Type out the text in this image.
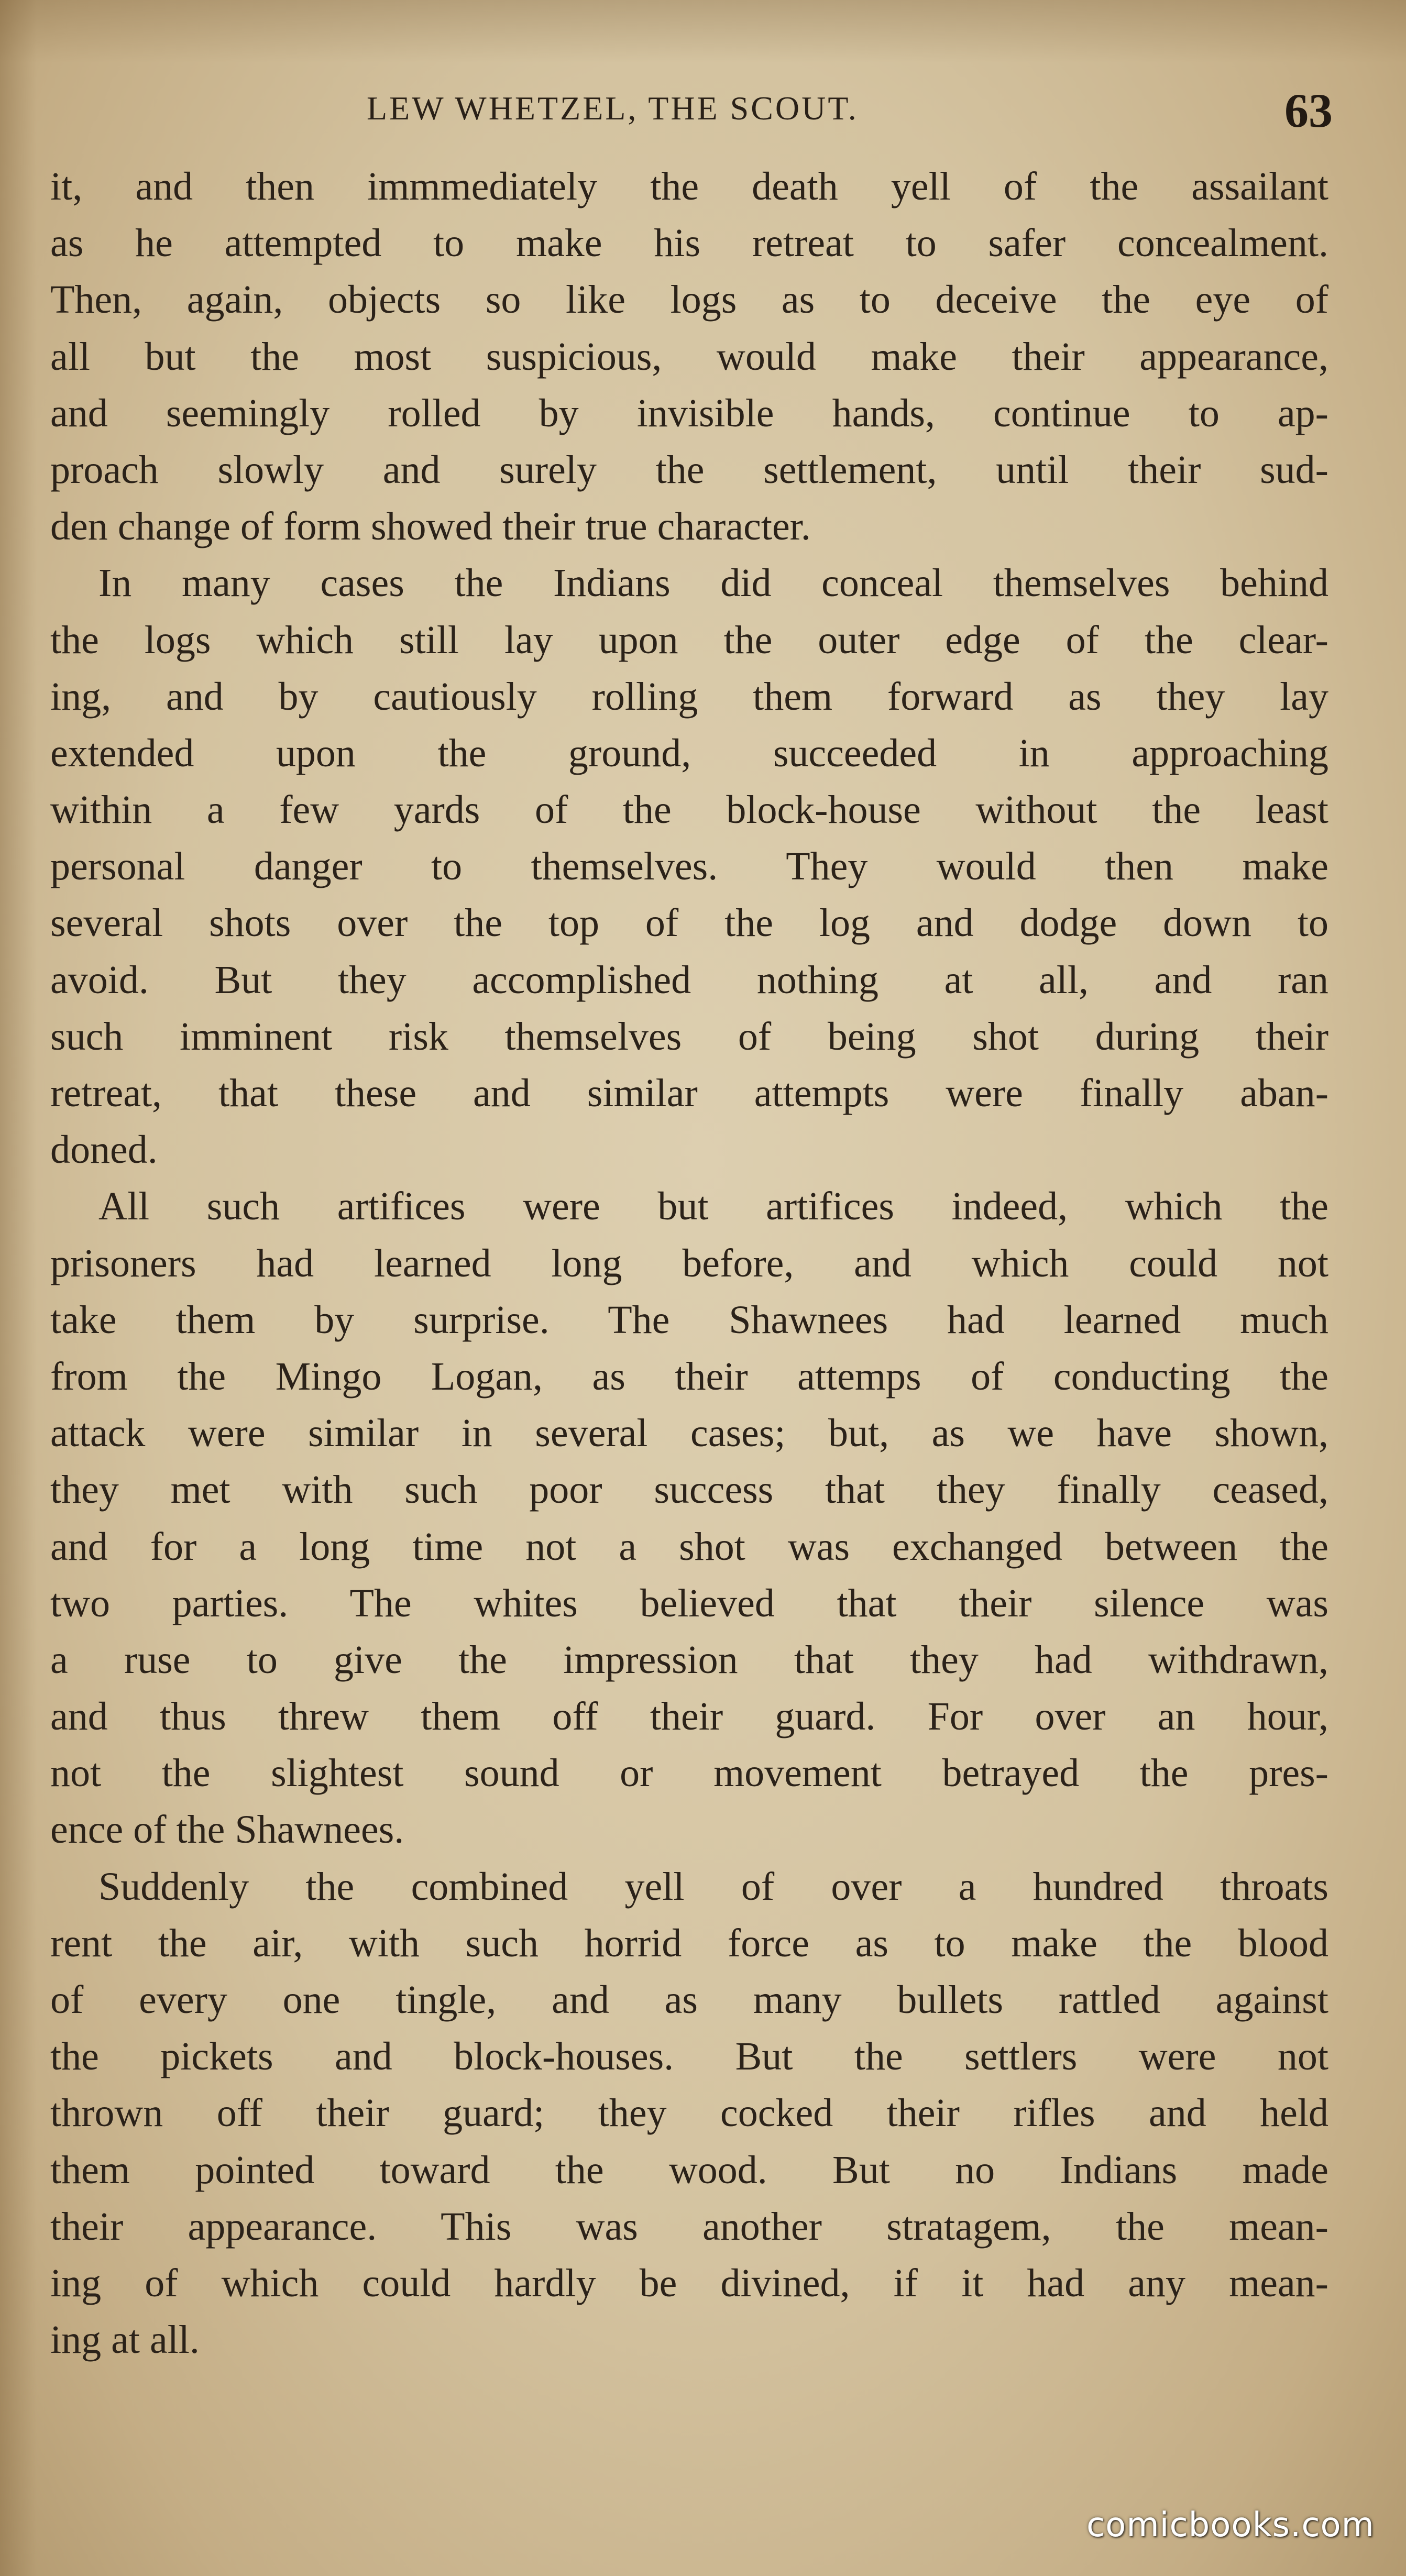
LEW WHETZEL, THE SCOUT.	63
it, and then immmediately the death yell of the assailant
as he attempted to make his retreat to safer concealment.
Then, again, objects so like logs as to deceive the eye of
all but the most suspicious, would make their appearance,
and seemingly rolled by invisible hands, continue to ap-
proach slowly and surely the settlement, until their sud-
den change of form showed their true character.
In many cases the Indians did conceal themselves behind
the logs which still lay upon the outer edge of the clear-
ing, and by cautiously rolling them forward as they lay
extended upon the ground, succeeded in approaching
within a few yards of the block-house without the least
personal danger to themselves. They would then make
several shots over the top of the log and dodge down to
avoid. But they accomplished nothing at all, and ran
such imminent risk themselves of being shot during their
retreat, that these and similar attempts were finally aban-
doned.
All such artifices were but artifices indeed, which the
prisoners had learned long before, and which could not
take them by surprise. The Shawnees had learned much
from the Mingo Logan, as their attemps of conducting the
attack were similar in several cases; but, as we have shown,
they met with such poor success that they finally ceased,
and for a long time not a shot was exchanged between the
two parties. The whites believed that their silence was
a ruse to give the impression that they had withdrawn,
and thus threw them off their guard. For over an hour,
not the slightest sound or movement betrayed the pres-
ence of the Shawnees.
Suddenly the combined yell of over a hundred throats
rent the air, with such horrid force as to make the blood
of every one tingle, and as many bullets rattled against
the pickets and block-houses. But the settlers were not
thrown off their guard; they cocked their rifles and held
them pointed toward the wood. But no Indians made
their appearance. This was another stratagem, the mean-
ing of which could hardly be divined, if it had any mean-
ing at all.
comicbooks.com
